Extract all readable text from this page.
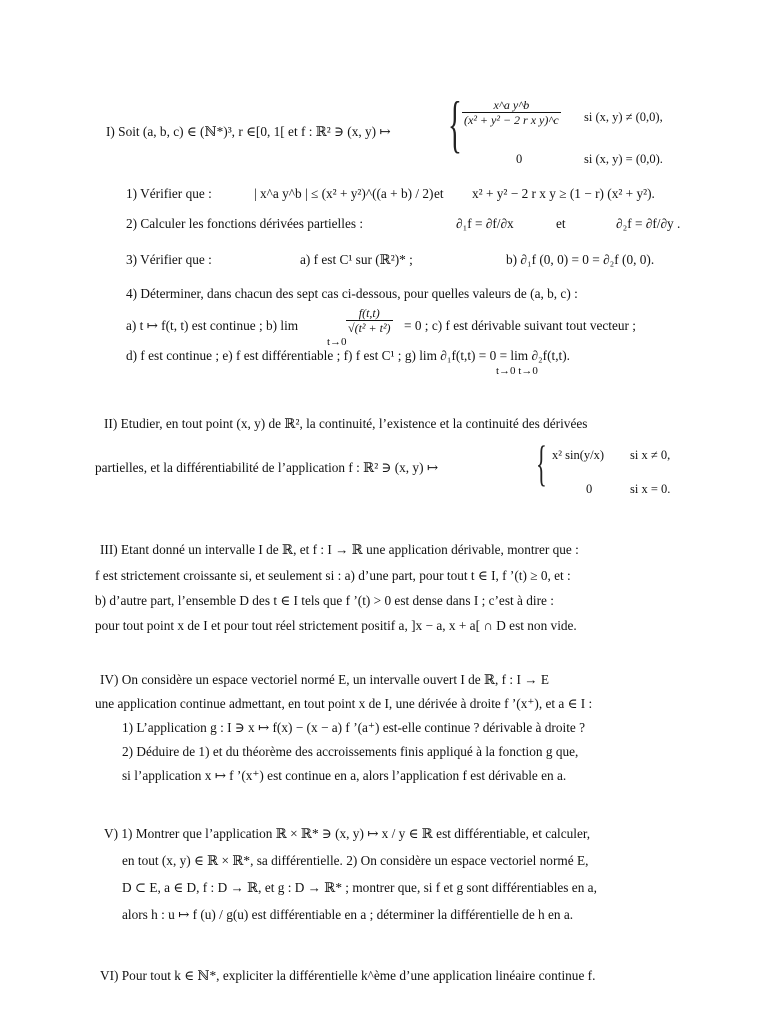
I) Soit (a, b, c) ∈ (ℕ*)³, r ∈[0, 1[ et f : ℝ² ∋ (x, y) ↦ { $\frac{\text{x\textasciicircum{}a y\textasciicircum{}b}}{\text{(x² + y² − 2 r x y)\textasciicircum{}c}}$ si (x, y) ≠ (0,0),
0	si (x, y) = (0,0).
1) Vérifier que :	| x^a y^b | ≤ (x² + y²)^((a + b) / 2) et x² + y² − 2 r x y ≥ (1 − r) (x² + y²).
2) Calculer les fonctions dérivées partielles :	∂₁f = ∂f/∂x	et	∂₂f = ∂f/∂y .
3) Vérifier que :	a) f est C¹ sur (ℝ²)* ;	b) ∂₁f (0, 0) = 0 = ∂₂f (0, 0).
4) Déterminer, dans chacun des sept cas ci-dessous, pour quelles valeurs de (a, b, c) :
a) t ↦ f(t, t) est continue ; b) lim
t→0
$\frac{f(t,t)}{\text{√(t² + t²)}} = 0$ ; c) f est dérivable suivant tout vecteur ;
d) f est continue ; e) f est différentiable ; f) f est C¹ ; g) lim ∂₁f(t,t) = 0 = lim ∂₂f(t,t).
t→0 t→0
II) Etudier, en tout point (x, y) de ℝ², la continuité, l’existence et la continuité des dérivées
partielles, et la différentiabilité de l’application f : ℝ² ∋ (x, y) ↦ { x² sin(y/x) si x ≠ 0,
0	si x = 0.
III) Etant donné un intervalle I de ℝ, et f : I → ℝ une application dérivable, montrer que :
f est strictement croissante si, et seulement si : a) d’une part, pour tout t ∈ I, f ’(t) ≥ 0, et :
b) d’autre part, l’ensemble D des t ∈ I tels que f ’(t) > 0 est dense dans I ; c’est à dire :
pour tout point x de I et pour tout réel strictement positif a, ]x − a, x + a[ ∩ D est non vide.
IV) On considère un espace vectoriel normé E, un intervalle ouvert I de ℝ, f : I → E
une application continue admettant, en tout point x de I, une dérivée à droite f ’(x⁺), et a ∈ I :
1) L’application g : I ∋ x ↦ f(x) − (x − a) f ’(a⁺) est-elle continue ? dérivable à droite ?
2) Déduire de 1) et du théorème des accroissements finis appliqué à la fonction g que,
si l’application x ↦ f ’(x⁺) est continue en a, alors l’application f est dérivable en a.
V) 1) Montrer que l’application ℝ × ℝ* ∋ (x, y) ↦ x / y ∈ ℝ est différentiable, et calculer,
en tout (x, y) ∈ ℝ × ℝ*, sa différentielle. 2) On considère un espace vectoriel normé E,
D ⊂ E, a ∈ D, f : D → ℝ, et g : D → ℝ* ; montrer que, si f et g sont différentiables en a,
alors h : u ↦ f (u) / g(u) est différentiable en a ; déterminer la différentielle de h en a.
VI) Pour tout k ∈ ℕ*, expliciter la différentielle k^ème d’une application linéaire continue f.
